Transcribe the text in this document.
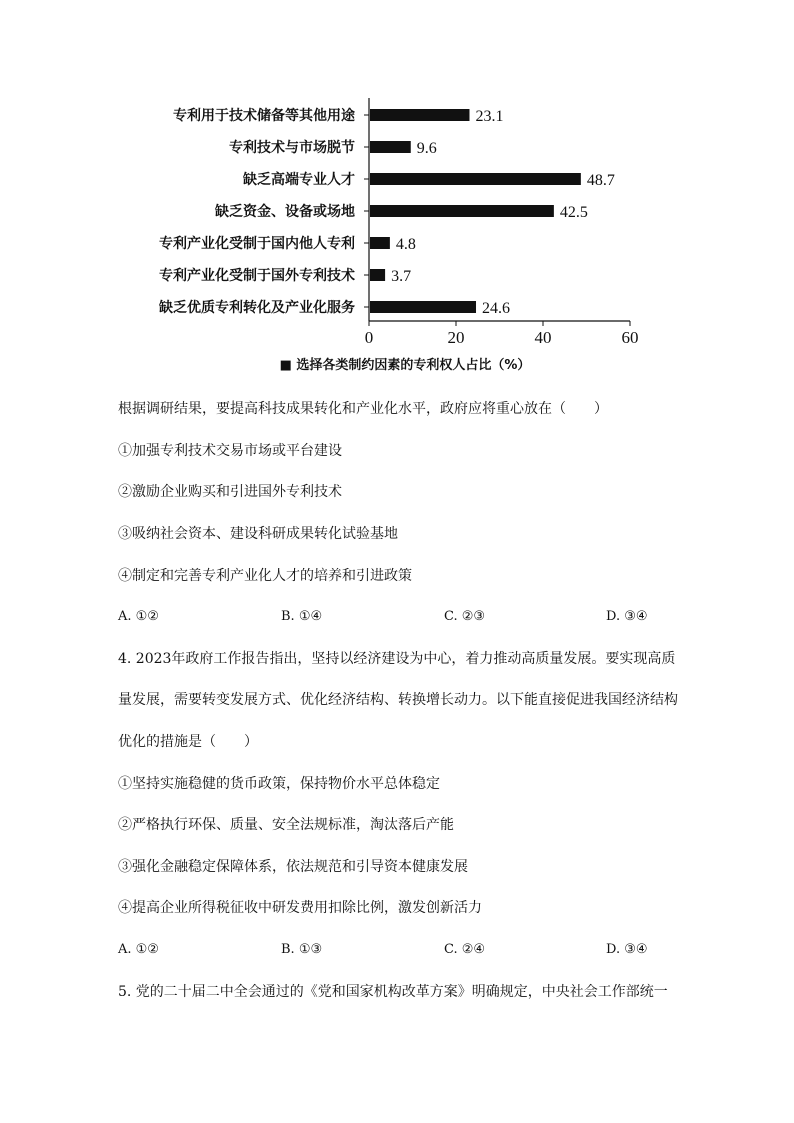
专利用于技术储备等其他用途	23.1
专利技术与市场脱节	9.6
缺乏高端专业人才	48.7
缺乏资金、设备或场地	42.5
专利产业化受制于国内他人专利	4.8
专利产业化受制于国外专利技术 3.7
缺乏优质专利转化及产业化服务	24.6
0	20	40	60
■ 选择各类制约因素的专利权人占比（%）
根据调研结果，要提高科技成果转化和产业化水平，政府应将重心放在（　　）
①加强专利技术交易市场或平台建设
②激励企业购买和引进国外专利技术
③吸纳社会资本、建设科研成果转化试验基地
④制定和完善专利产业化人才的培养和引进政策
A. ①②	B. ①④	C. ②③	D. ③④
4. 2023年政府工作报告指出，坚持以经济建设为中心，着力推动高质量发展。要实现高质
量发展，需要转变发展方式、优化经济结构、转换增长动力。以下能直接促进我国经济结构
优化的措施是（　　）
①坚持实施稳健的货币政策，保持物价水平总体稳定
②严格执行环保、质量、安全法规标准，淘汰落后产能
③强化金融稳定保障体系，依法规范和引导资本健康发展
④提高企业所得税征收中研发费用扣除比例，激发创新活力
A. ①②	B. ①③	C. ②④	D. ③④
5. 党的二十届二中全会通过的《党和国家机构改革方案》明确规定，中央社会工作部统一
